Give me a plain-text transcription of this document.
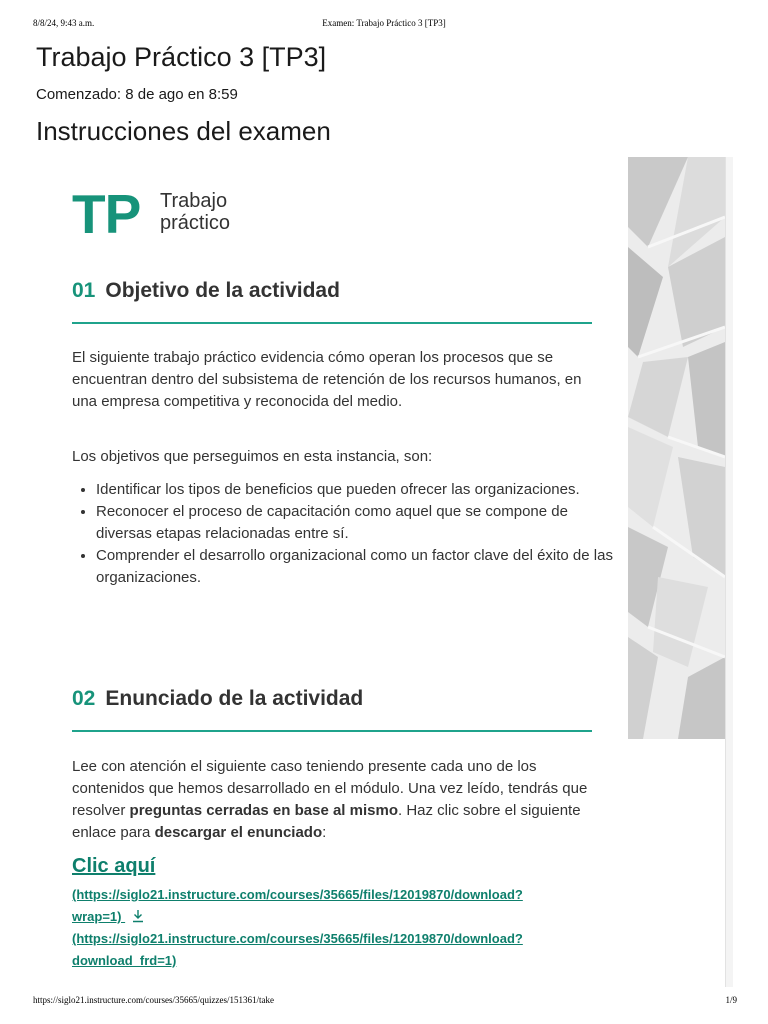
8/8/24, 9:43 a.m.	Examen: Trabajo Práctico 3 [TP3]
Trabajo Práctico 3 [TP3]
Comenzado: 8 de ago en 8:59
Instrucciones del examen
TP Trabajo
práctico
01 Objetivo de la actividad

El siguiente trabajo práctico evidencia cómo operan los procesos que se encuentran dentro del subsistema de retención de los recursos humanos, en una empresa competitiva y reconocida del medio.

Los objetivos que perseguimos en esta instancia, son:

• Identificar los tipos de beneficios que pueden ofrecer las organizaciones.
• Reconocer el proceso de capacitación como aquel que se compone de diversas etapas relacionadas entre sí.
• Comprender el desarrollo organizacional como un factor clave del éxito de las organizaciones.
02 Enunciado de la actividad

Lee con atención el siguiente caso teniendo presente cada uno de los contenidos que hemos desarrollado en el módulo. Una vez leído, tendrás que resolver preguntas cerradas en base al mismo. Haz clic sobre el siguiente enlace para descargar el enunciado:

Clic aquí
(https://siglo21.instructure.com/courses/35665/files/12019870/download?
wrap=1)
(https://siglo21.instructure.com/courses/35665/files/12019870/download?
download_frd=1)
https://siglo21.instructure.com/courses/35665/quizzes/151361/take	1/9
